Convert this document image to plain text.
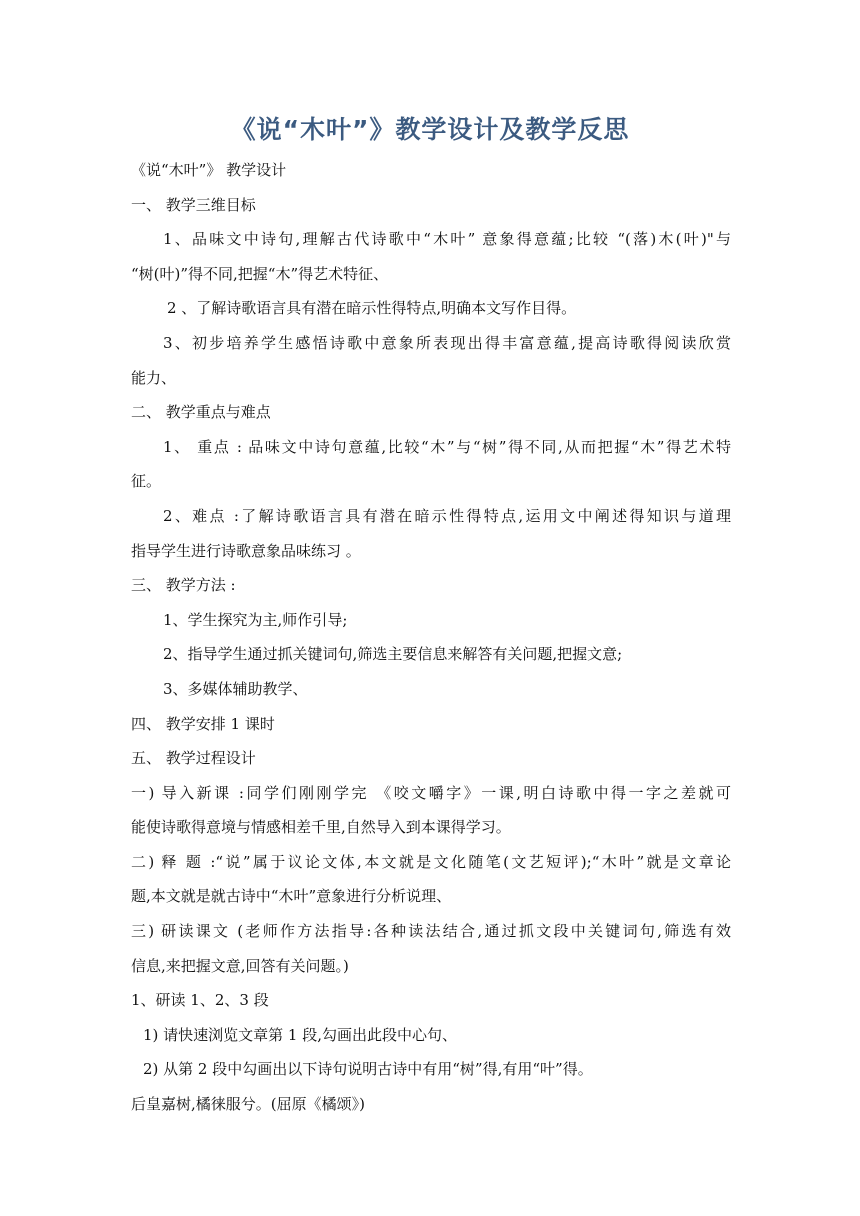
《说“木叶”》教学设计及教学反思
《说“木叶”》 教学设计
一、 教学三维目标
1、品味文中诗句,理解古代诗歌中“木叶” 意象得意蕴;比较 “(落)木(叶)"与
“树(叶)”得不同,把握“木”得艺术特征、
2 、了解诗歌语言具有潜在暗示性得特点,明确本文写作目得。
3、初步培养学生感悟诗歌中意象所表现出得丰富意蕴,提高诗歌得阅读欣赏
能力、
二、 教学重点与难点
1、 重点 : 品味文中诗句意蕴,比较“木”与“树”得不同,从而把握“木”得艺术特
征。
2、难点 :了解诗歌语言具有潜在暗示性得特点,运用文中阐述得知识与道理
指导学生进行诗歌意象品味练习 。
三、 教学方法 :
1、学生探究为主,师作引导;
2、指导学生通过抓关键词句,筛选主要信息来解答有关问题,把握文意;
3、多媒体辅助教学、
四、 教学安排 1 课时
五、 教学过程设计
一) 导入新课 :同学们刚刚学完 《咬文嚼字》一课,明白诗歌中得一字之差就可
能使诗歌得意境与情感相差千里,自然导入到本课得学习。
二) 释 题 :“说”属于议论文体,本文就是文化随笔(文艺短评);“木叶”就是文章论
题,本文就是就古诗中“木叶”意象进行分析说理、
三) 研读课文 (老师作方法指导:各种读法结合,通过抓文段中关键词句,筛选有效
信息,来把握文意,回答有关问题。)
1、研读 1、2、3 段
1) 请快速浏览文章第 1 段,勾画出此段中心句、
2) 从第 2 段中勾画出以下诗句说明古诗中有用“树”得,有用“叶”得。
后皇嘉树,橘徕服兮。(屈原《橘颂》)
